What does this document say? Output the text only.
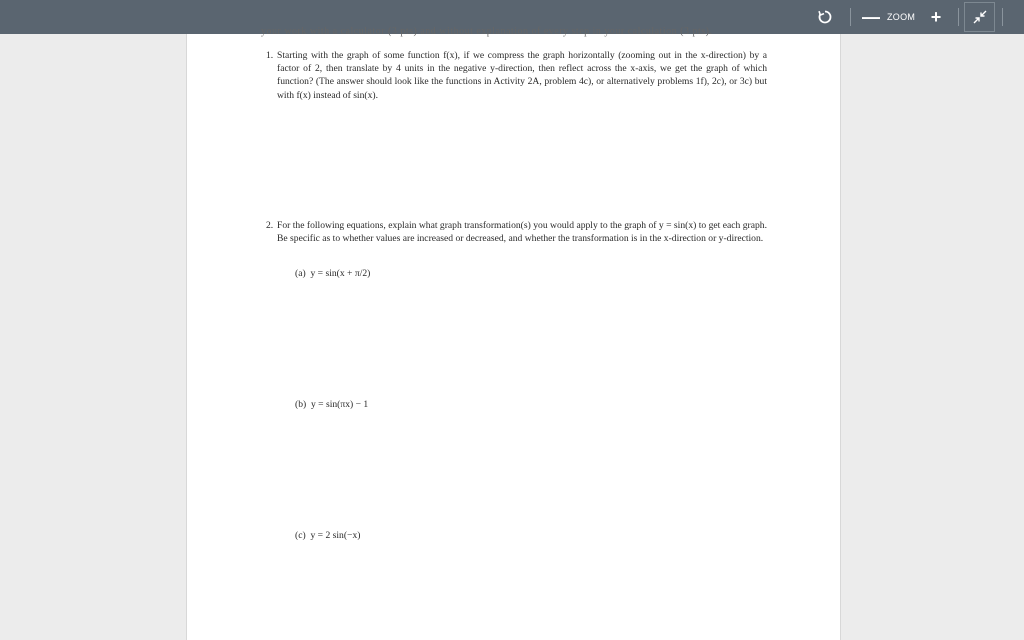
— ZOOM +
your work with a calculator (3 pts) and without explanation of every step in your calculation (3 pts).
1. Starting with the graph of some function f(x), if we compress the graph horizontally (zooming out in the x-direction) by a factor of 2, then translate by 4 units in the negative y-direction, then reflect across the x-axis, we get the graph of which function? (The answer should look like the functions in Activity 2A, problem 4c), or alternatively problems 1f), 2c), or 3c) but with f(x) instead of sin(x).

2. For the following equations, explain what graph transformation(s) you would apply to the graph of y = sin(x) to get each graph. Be specific as to whether values are increased or decreased, and whether the transformation is in the x-direction or y-direction.

(a) y = sin(x + π/2)
(b) y = sin(πx) − 1
(c) y = 2 sin(−x)
